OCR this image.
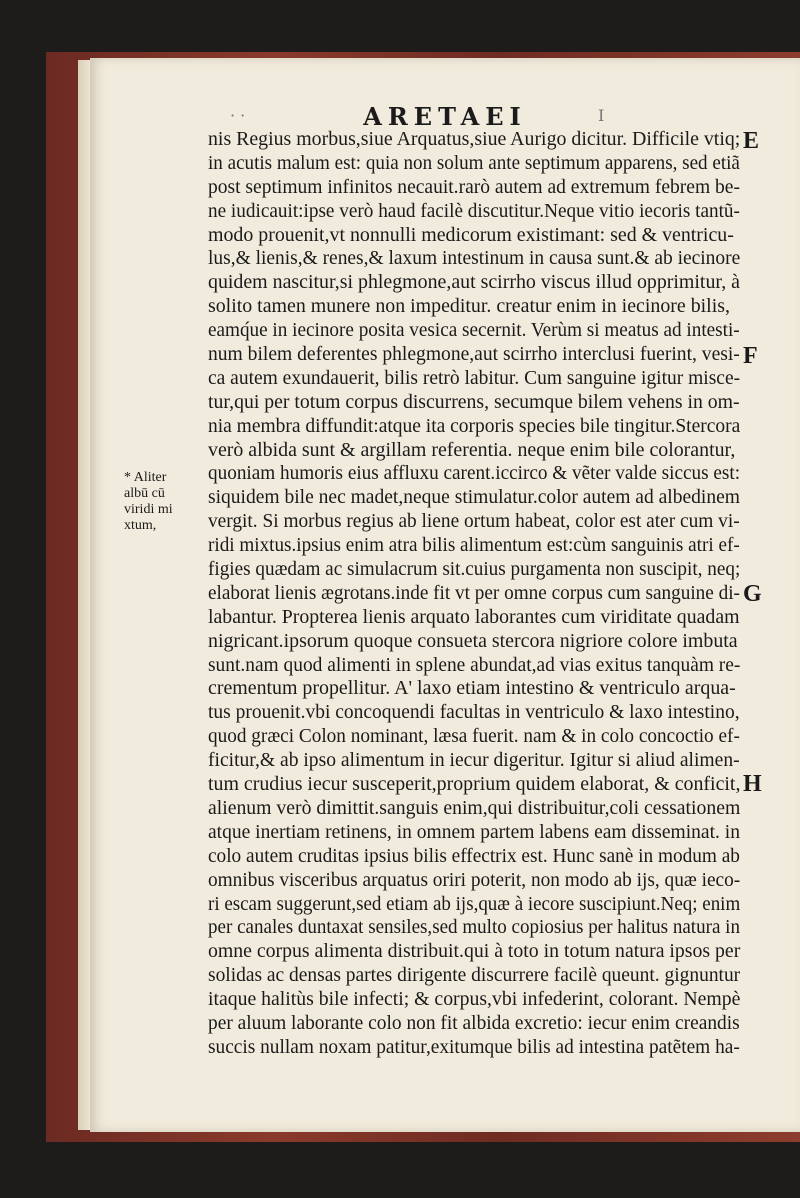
· ·	ARETAEI	I
nis Regius morbus,siue Arquatus,siue Aurigo dicitur. Difficile vtiq;
in acutis malum est: quia non solum ante septimum apparens, sed etiã
post septimum infinitos necauit.rarò autem ad extremum febrem be-
ne iudicauit:ipse verò haud facilè discutitur.Neque vitio iecoris tantũ-
modo prouenit,vt nonnulli medicorum existimant: sed & ventricu-
lus,& lienis,& renes,& laxum intestinum in causa sunt.& ab iecinore
quidem nascitur,si phlegmone,aut scirrho viscus illud opprimitur, à
solito tamen munere non impeditur. creatur enim in iecinore bilis,
eamq́ue in iecinore posita vesica secernit. Verùm si meatus ad intesti-
num bilem deferentes phlegmone,aut scirrho interclusi fuerint, vesi-
ca autem exundauerit, bilis retrò labitur. Cum sanguine igitur misce-
tur,qui per totum corpus discurrens, secumque bilem vehens in om-
nia membra diffundit:atque ita corporis species bile tingitur.Stercora
verò albida sunt & argillam referentia. neque enim bile colorantur,
quoniam humoris eius affluxu carent.iccirco & vẽter valde siccus est:
siquidem bile nec madet,neque stimulatur.color autem ad albedinem
vergit. Si morbus regius ab liene ortum habeat, color est ater cum vi-
ridi mixtus.ipsius enim atra bilis alimentum est:cùm sanguinis atri ef-
figies quædam ac simulacrum sit.cuius purgamenta non suscipit, neq;
elaborat lienis ægrotans.inde fit vt per omne corpus cum sanguine di-
labantur. Propterea lienis arquato laborantes cum viriditate quadam
nigricant.ipsorum quoque consueta stercora nigriore colore imbuta
sunt.nam quod alimenti in splene abundat,ad vias exitus tanquàm re-
crementum propellitur. A' laxo etiam intestino & ventriculo arqua-
tus prouenit.vbi concoquendi facultas in ventriculo & laxo intestino,
quod græci Colon nominant, læsa fuerit. nam & in colo concoctio ef-
ficitur,& ab ipso alimentum in iecur digeritur. Igitur si aliud alimen-
tum crudius iecur susceperit,proprium quidem elaborat, & conficit,
alienum verò dimittit.sanguis enim,qui distribuitur,coli cessationem
atque inertiam retinens, in omnem partem labens eam disseminat. in
colo autem cruditas ipsius bilis effectrix est. Hunc sanè in modum ab
omnibus visceribus arquatus oriri poterit, non modo ab ijs, quæ ieco-
ri escam suggerunt,sed etiam ab ijs,quæ à iecore suscipiunt.Neq; enim
per canales duntaxat sensiles,sed multo copiosius per halitus natura in
omne corpus alimenta distribuit.qui à toto in totum natura ipsos per
solidas ac densas partes dirigente discurrere facilè queunt. gignuntur
itaque halitùs bile infecti; & corpus,vbi infederint, colorant. Nempè
per aluum laborante colo non fit albida excretio: iecur enim creandis
succis nullam noxam patitur,exitumque bilis ad intestina patẽtem ha-
E
F
G
H
* Aliter
albū cū
viridi mi
xtum,
